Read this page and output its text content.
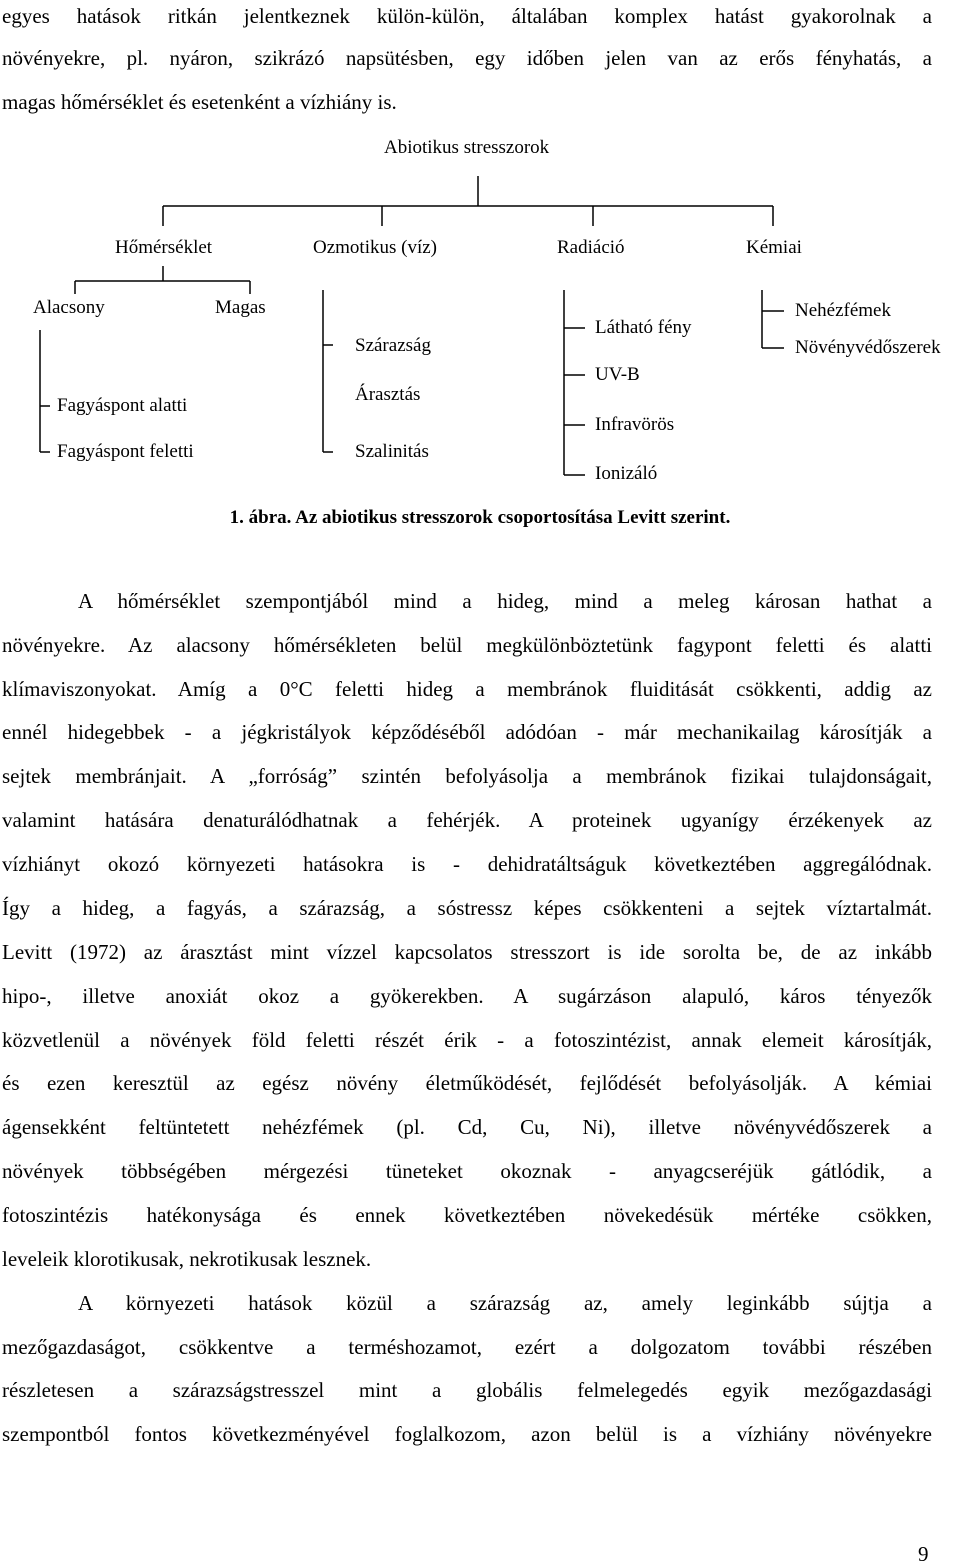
egyes hatások ritkán jelentkeznek külön-külön, általában komplex hatást gyakorolnak a
növényekre, pl. nyáron, szikrázó napsütésben, egy időben jelen van az erős fényhatás, a
magas hőmérséklet és esetenként a vízhiány is.
Abiotikus stresszorok
Hőmérséklet	Ozmotikus (víz)	Radiáció	Kémiai
Alacsony	Magas
Fagyáspont alatti
Fagyáspont feletti
Szárazság
Árasztás
Szalinitás
Látható fény
UV-B
Infravörös
Ionizáló
Nehézfémek
Növényvédőszerek
1. ábra. Az abiotikus stresszorok csoportosítása Levitt szerint.
A hőmérséklet szempontjából mind a hideg, mind a meleg károsan hathat a
növényekre. Az alacsony hőmérsékleten belül megkülönböztetünk fagypont feletti és alatti
klímaviszonyokat. Amíg a 0°C feletti hideg a membránok fluiditását csökkenti, addig az
ennél hidegebbek - a jégkristályok képződéséből adódóan - már mechanikailag károsítják a
sejtek membránjait. A „forróság” szintén befolyásolja a membránok fizikai tulajdonságait,
valamint hatására denaturálódhatnak a fehérjék. A proteinek ugyanígy érzékenyek az
vízhiányt okozó környezeti hatásokra is - dehidratáltságuk következtében aggregálódnak.
Így a hideg, a fagyás, a szárazság, a sóstressz képes csökkenteni a sejtek víztartalmát.
Levitt (1972) az árasztást mint vízzel kapcsolatos stresszort is ide sorolta be, de az inkább
hipo-, illetve anoxiát okoz a gyökerekben. A sugárzáson alapuló, káros tényezők
közvetlenül a növények föld feletti részét érik - a fotoszintézist, annak elemeit károsítják,
és ezen keresztül az egész növény életműködését, fejlődését befolyásolják. A kémiai
ágensekként feltüntetett nehézfémek (pl. Cd, Cu, Ni), illetve növényvédőszerek a
növények többségében mérgezési tüneteket okoznak - anyagcseréjük gátlódik, a
fotoszintézis hatékonysága és ennek következtében növekedésük mértéke csökken,
leveleik klorotikusak, nekrotikusak lesznek.
A környezeti hatások közül a szárazság az, amely leginkább sújtja a
mezőgazdaságot, csökkentve a terméshozamot, ezért a dolgozatom további részében
részletesen a szárazságstresszel mint a globális felmelegedés egyik mezőgazdasági
szempontból fontos következményével foglalkozom, azon belül is a vízhiány növényekre
9
